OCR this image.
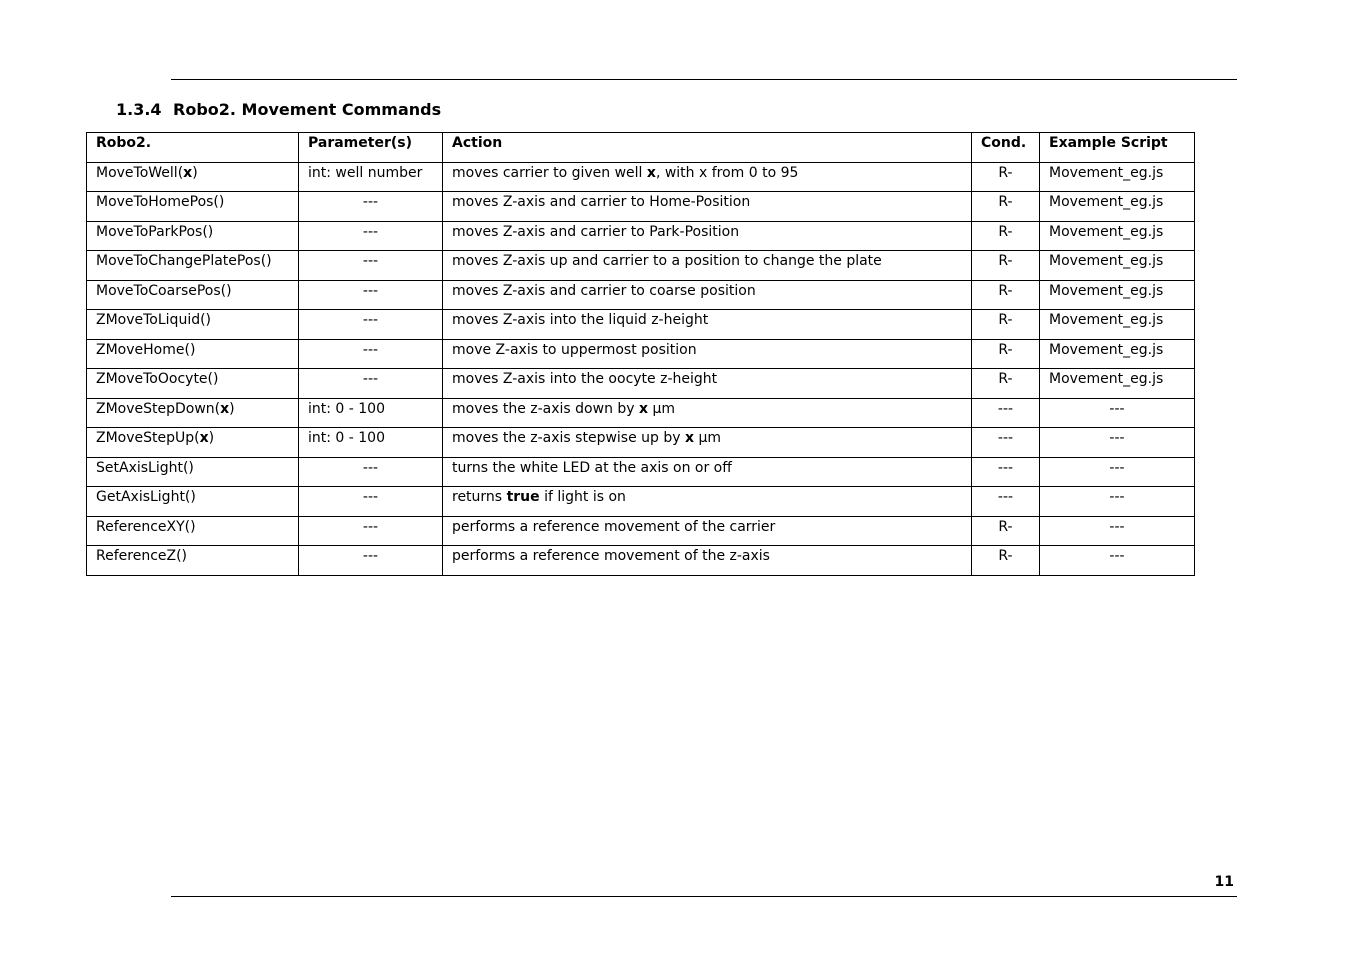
1.3.4 Robo2. Movement Commands
Robo2.	Parameter(s)	Action	Cond.	Example Script
MoveToWell(x)	int: well number	moves carrier to given well x, with x from 0 to 95	R-	Movement_eg.js
MoveToHomePos()	---	moves Z-axis and carrier to Home-Position	R-	Movement_eg.js
MoveToParkPos()	---	moves Z-axis and carrier to Park-Position	R-	Movement_eg.js
MoveToChangePlatePos()	---	moves Z-axis up and carrier to a position to change the plate	R-	Movement_eg.js
MoveToCoarsePos()	---	moves Z-axis and carrier to coarse position	R-	Movement_eg.js
ZMoveToLiquid()	---	moves Z-axis into the liquid z-height	R-	Movement_eg.js
ZMoveHome()	---	move Z-axis to uppermost position	R-	Movement_eg.js
ZMoveToOocyte()	---	moves Z-axis into the oocyte z-height	R-	Movement_eg.js
ZMoveStepDown(x)	int: 0 - 100	moves the z-axis down by x µm	---	---
ZMoveStepUp(x)	int: 0 - 100	moves the z-axis stepwise up by x µm	---	---
SetAxisLight()	---	turns the white LED at the axis on or off	---	---
GetAxisLight()	---	returns true if light is on	---	---
ReferenceXY()	---	performs a reference movement of the carrier	R-	---
ReferenceZ()	---	performs a reference movement of the z-axis	R-	---
11
